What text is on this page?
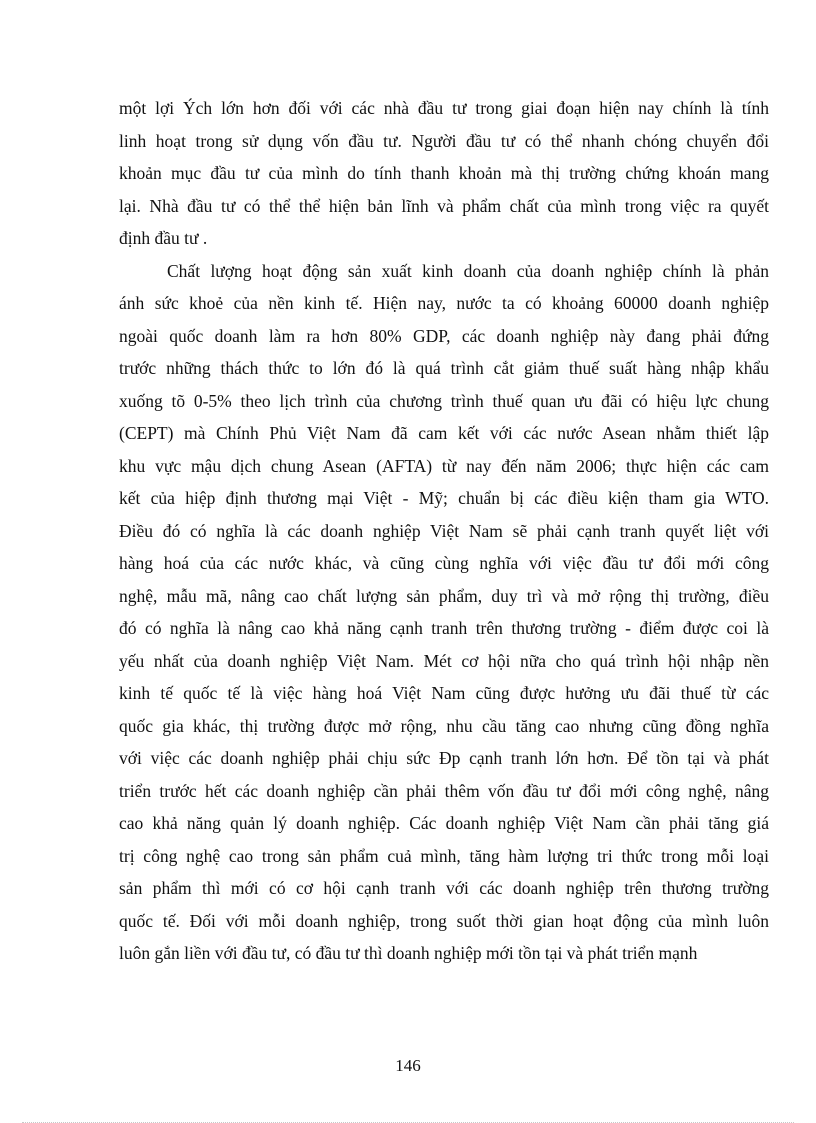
một lợi Ých lớn hơn đối với các nhà đầu tư trong giai đoạn hiện nay chính là tính
linh hoạt trong sử dụng vốn đầu tư. Người đầu tư có thể nhanh chóng chuyển đổi
khoản mục đầu tư của mình do tính thanh khoản mà thị trường chứng khoán mang
lại. Nhà đầu tư có thể thể hiện bản lĩnh và phẩm chất của mình trong việc ra quyết
định đầu tư .
Chất lượng hoạt động sản xuất kinh doanh của doanh nghiệp chính là phản
ánh sức khoẻ của nền kinh tế. Hiện nay, nước ta có khoảng 60000 doanh nghiệp
ngoài quốc doanh làm ra hơn 80% GDP, các doanh nghiệp này đang phải đứng
trước những thách thức to lớn đó là quá trình cắt giảm thuế suất hàng nhập khẩu
xuống tõ 0-5% theo lịch trình của chương trình thuế quan ưu đãi có hiệu lực chung
(CEPT) mà Chính Phủ Việt Nam đã cam kết với các nước Asean nhằm thiết lập
khu vực mậu dịch chung Asean (AFTA) từ nay đến năm 2006; thực hiện các cam
kết của hiệp định thương mại Việt - Mỹ; chuẩn bị các điều kiện tham gia WTO.
Điều đó có nghĩa là các doanh nghiệp Việt Nam sẽ phải cạnh tranh quyết liệt với
hàng hoá của các nước khác, và cũng cùng nghĩa với việc đầu tư đổi mới công
nghệ, mẫu mã, nâng cao chất lượng sản phẩm, duy trì và mở rộng thị trường, điều
đó có nghĩa là nâng cao khả năng cạnh tranh trên thương trường - điểm được coi là
yếu nhất của doanh nghiệp Việt Nam. Mét cơ hội nữa cho quá trình hội nhập nền
kinh tế quốc tế là việc hàng hoá Việt Nam cũng được hưởng ưu đãi thuế từ các
quốc gia khác, thị trường được mở rộng, nhu cầu tăng cao nhưng cũng đồng nghĩa
với việc các doanh nghiệp phải chịu sức Ðp cạnh tranh lớn hơn. Để tồn tại và phát
triển trước hết các doanh nghiệp cần phải thêm vốn đầu tư đổi mới công nghệ, nâng
cao khả năng quản lý doanh nghiệp. Các doanh nghiệp Việt Nam cần phải tăng giá
trị công nghệ cao trong sản phẩm cuả mình, tăng hàm lượng tri thức trong mỗi loại
sản phẩm thì mới có cơ hội cạnh tranh với các doanh nghiệp trên thương trường
quốc tế. Đối với mỗi doanh nghiệp, trong suốt thời gian hoạt động của mình luôn
luôn gắn liền với đầu tư, có đầu tư thì doanh nghiệp mới tồn tại và phát triển mạnh
146
